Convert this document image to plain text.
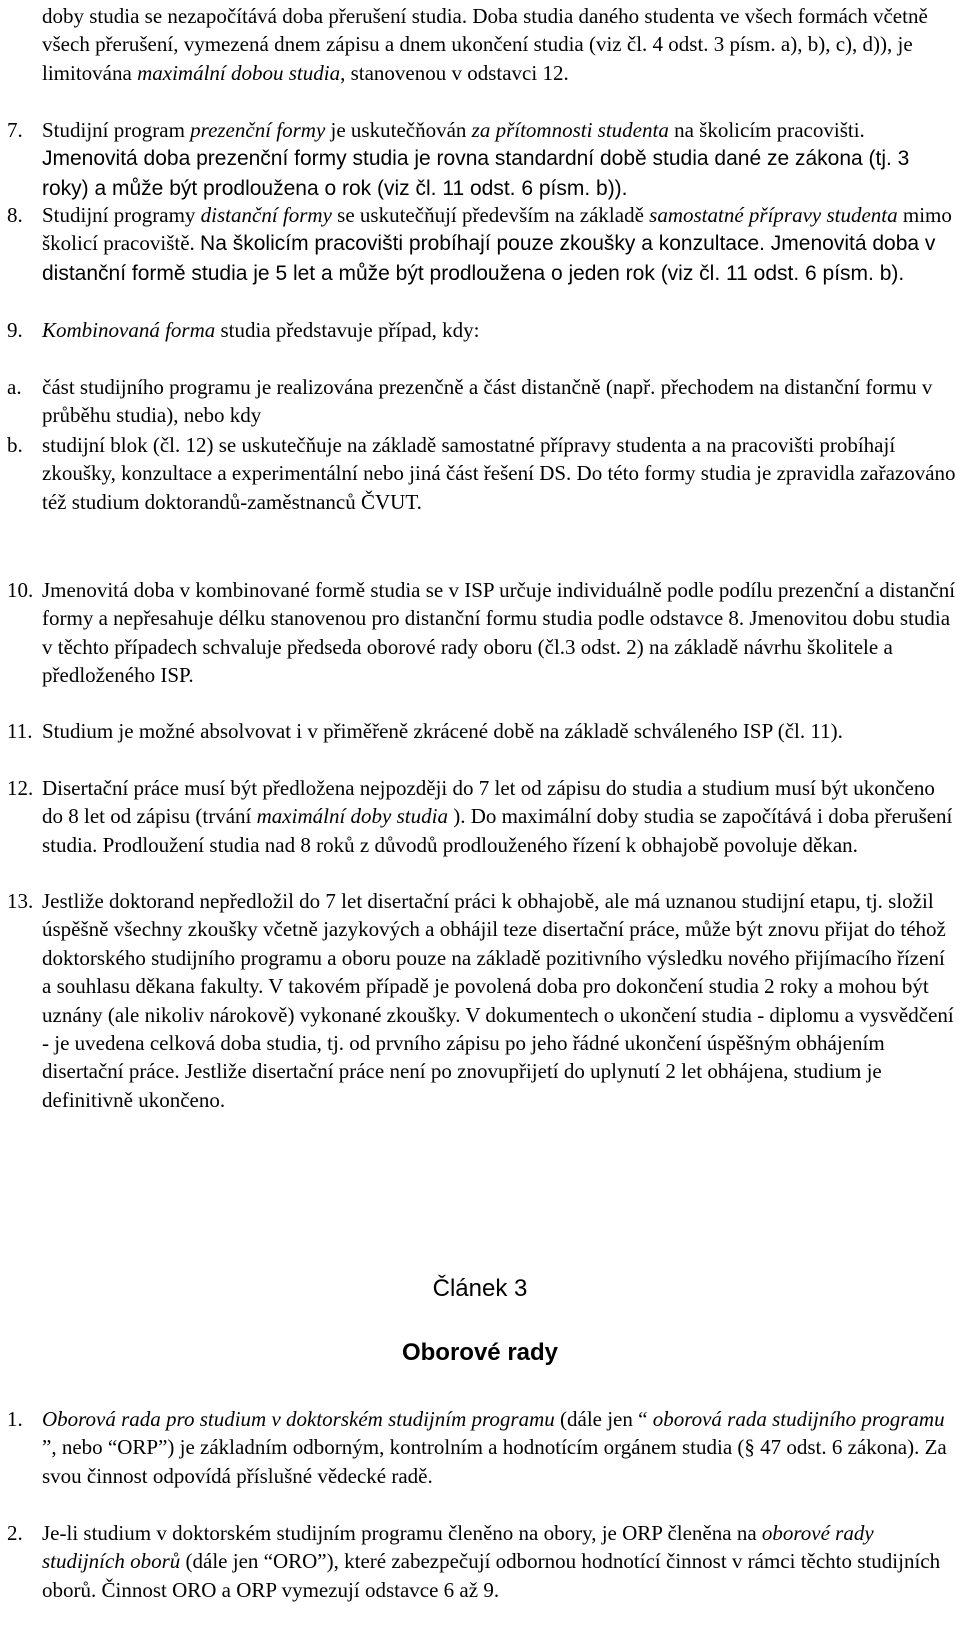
doby studia se nezapočítává doba přerušení studia. Doba studia daného studenta ve všech formách včetně všech přerušení, vymezená dnem zápisu a dnem ukončení studia (viz čl. 4 odst. 3 písm. a), b), c), d)), je limitována maximální dobou studia, stanovenou v odstavci 12.

7. Studijní program prezenční formy je uskutečňován za přítomnosti studenta na školicím pracovišti. Jmenovitá doba prezenční formy studia je rovna standardní době studia dané ze zákona (tj. 3 roky) a může být prodloužena o rok (viz čl. 11 odst. 6 písm. b)).

8. Studijní programy distanční formy se uskutečňují především na základě samostatné přípravy studenta mimo školicí pracoviště. Na školicím pracovišti probíhají pouze zkoušky a konzultace. Jmenovitá doba v distanční formě studia je 5 let a může být prodloužena o jeden rok (viz čl. 11 odst. 6 písm. b).

9. Kombinovaná forma studia představuje případ, kdy:

a. část studijního programu je realizována prezenčně a část distančně (např. přechodem na distanční formu v průběhu studia), nebo kdy

b. studijní blok (čl. 12) se uskutečňuje na základě samostatné přípravy studenta a na pracovišti probíhají zkoušky, konzultace a experimentální nebo jiná část řešení DS. Do této formy studia je zpravidla zařazováno též studium doktorandů-zaměstnanců ČVUT.

10. Jmenovitá doba v kombinované formě studia se v ISP určuje individuálně podle podílu prezenční a distanční formy a nepřesahuje délku stanovenou pro distanční formu studia podle odstavce 8. Jmenovitou dobu studia v těchto případech schvaluje předseda oborové rady oboru (čl.3 odst. 2) na základě návrhu školitele a předloženého ISP.

11. Studium je možné absolvovat i v přiměřeně zkrácené době na základě schváleného ISP (čl. 11).

12. Disertační práce musí být předložena nejpozději do 7 let od zápisu do studia a studium musí být ukončeno do 8 let od zápisu (trvání maximální doby studia ). Do maximální doby studia se započítává i doba přerušení studia. Prodloužení studia nad 8 roků z důvodů prodlouženého řízení k obhajobě povoluje děkan.

13. Jestliže doktorand nepředložil do 7 let disertační práci k obhajobě, ale má uznanou studijní etapu, tj. složil úspěšně všechny zkoušky včetně jazykových a obhájil teze disertační práce, může být znovu přijat do téhož doktorského studijního programu a oboru pouze na základě pozitivního výsledku nového přijímacího řízení a souhlasu děkana fakulty. V takovém případě je povolená doba pro dokončení studia 2 roky a mohou být uznány (ale nikoliv nárokově) vykonané zkoušky. V dokumentech o ukončení studia - diplomu a vysvědčení - je uvedena celková doba studia, tj. od prvního zápisu po jeho řádné ukončení úspěšným obhájením disertační práce. Jestliže disertační práce není po znovupřijetí do uplynutí 2 let obhájena, studium je definitivně ukončeno.

Článek 3
Oborové rady

1. Oborová rada pro studium v doktorském studijním programu (dále jen “ oborová rada studijního programu ”, nebo “ORP”) je základním odborným, kontrolním a hodnotícím orgánem studia (§ 47 odst. 6 zákona). Za svou činnost odpovídá příslušné vědecké radě.

2. Je-li studium v doktorském studijním programu členěno na obory, je ORP členěna na oborové rady studijních oborů (dále jen “ORO”), které zabezpečují odbornou hodnotící činnost v rámci těchto studijních oborů. Činnost ORO a ORP vymezují odstavce 6 až 9.
